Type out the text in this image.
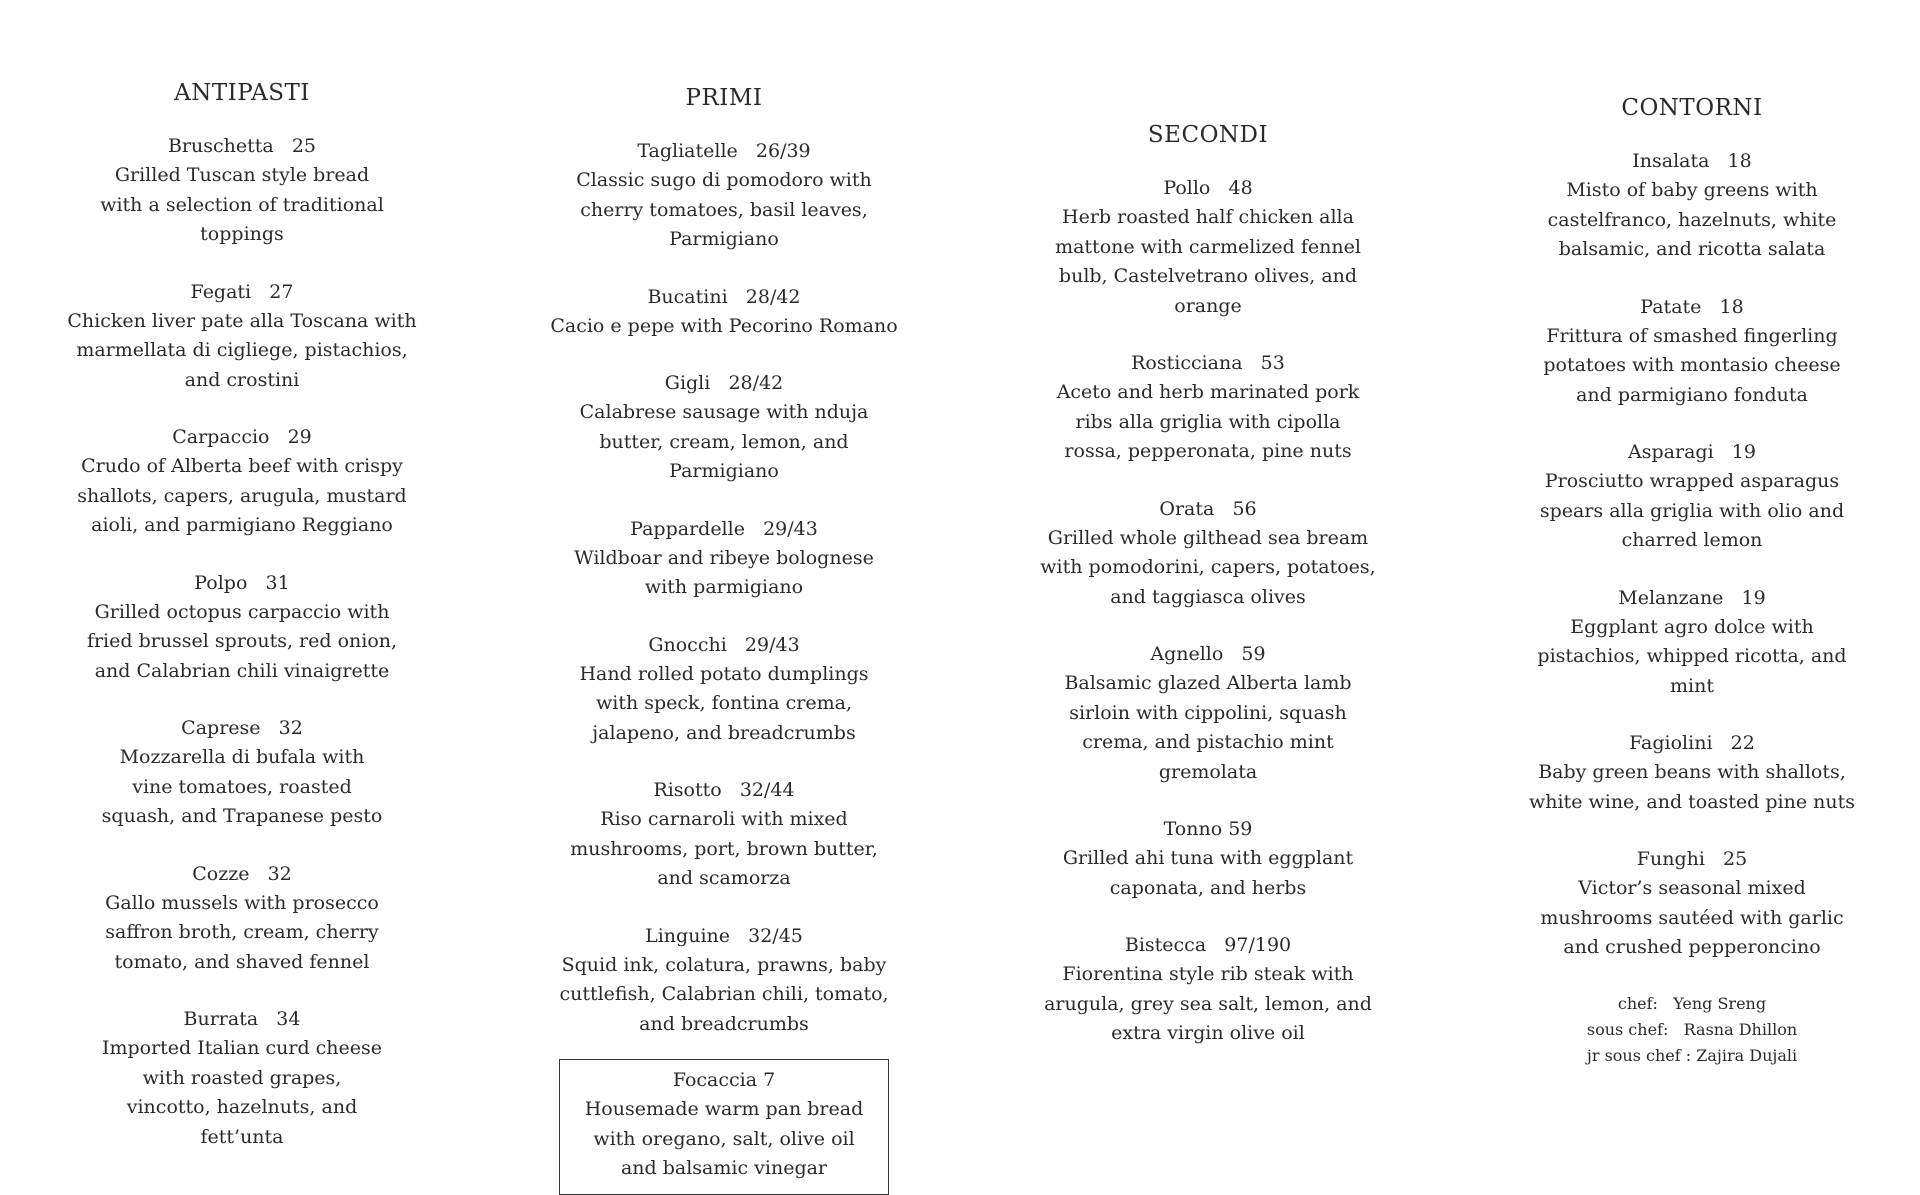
ANTIPASTI
Bruschetta   25
Grilled Tuscan style bread with a selection of traditional toppings
Fegati   27
Chicken liver pate alla Toscana with marmellata di cigliege, pistachios, and crostini
Carpaccio   29
Crudo of Alberta beef with crispy shallots, capers, arugula, mustard aioli, and parmigiano Reggiano
Polpo   31
Grilled octopus carpaccio with fried brussel sprouts, red onion, and Calabrian chili vinaigrette
Caprese   32
Mozzarella di bufala with vine tomatoes, roasted squash, and Trapanese pesto
Cozze   32
Gallo mussels with prosecco saffron broth, cream, cherry tomato, and shaved fennel
Burrata   34
Imported Italian curd cheese with roasted grapes, vincotto, hazelnuts, and fett’unta
PRIMI
Tagliatelle   26/39
Classic sugo di pomodoro with cherry tomatoes, basil leaves, Parmigiano
Bucatini   28/42
Cacio e pepe with Pecorino Romano
Gigli   28/42
Calabrese sausage with nduja butter, cream, lemon, and Parmigiano
Pappardelle   29/43
Wildboar and ribeye bolognese with parmigiano
Gnocchi   29/43
Hand rolled potato dumplings with speck, fontina crema, jalapeno, and breadcrumbs
Risotto   32/44
Riso carnaroli with mixed mushrooms, port, brown butter, and scamorza
Linguine   32/45
Squid ink, colatura, prawns, baby cuttlefish, Calabrian chili, tomato, and breadcrumbs
Focaccia 7
Housemade warm pan bread with oregano, salt, olive oil and balsamic vinegar
SECONDI
Pollo   48
Herb roasted half chicken alla mattone with carmelized fennel bulb, Castelvetrano olives, and orange
Rosticciana   53
Aceto and herb marinated pork ribs alla griglia with cipolla rossa, pepperonata, pine nuts
Orata   56
Grilled whole gilthead sea bream with pomodorini, capers, potatoes, and taggiasca olives
Agnello   59
Balsamic glazed Alberta lamb sirloin with cippolini, squash crema, and pistachio mint gremolata
Tonno 59
Grilled ahi tuna with eggplant caponata, and herbs
Bistecca   97/190
Fiorentina style rib steak with arugula, grey sea salt, lemon, and extra virgin olive oil
CONTORNI
Insalata   18
Misto of baby greens with castelfranco, hazelnuts, white balsamic, and ricotta salata
Patate   18
Frittura of smashed fingerling potatoes with montasio cheese and parmigiano fonduta
Asparagi   19
Prosciutto wrapped asparagus spears alla griglia with olio and charred lemon
Melanzane   19
Eggplant agro dolce with pistachios, whipped ricotta, and mint
Fagiolini   22
Baby green beans with shallots, white wine, and toasted pine nuts
Funghi   25
Victor’s seasonal mixed mushrooms sautéed with garlic and crushed pepperoncino
chef:   Yeng Sreng
sous chef:   Rasna Dhillon
jr sous chef : Zajira Dujali
